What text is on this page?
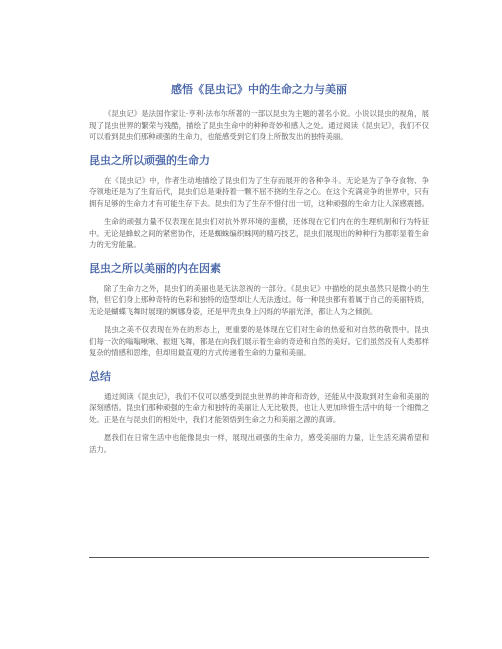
感悟《昆虫记》中的生命之力与美丽

《昆虫记》是法国作家让·亨利·法布尔所著的一部以昆虫为主题的著名小说。小说以昆虫的视角，展现了昆虫世界的繁荣与残酷，描绘了昆虫生命中的种种奇妙和感人之处。通过阅读《昆虫记》，我们不仅可以看到昆虫们那种顽强的生命力，也能感受到它们身上所散发出的独特美丽。

昆虫之所以顽强的生命力

在《昆虫记》中，作者生动地描绘了昆虫们为了生存而展开的各种争斗。无论是为了争夺食物、争夺领地还是为了生育后代，昆虫们总是秉持着一颗不屈不挠的生存之心。在这个充满竞争的世界中，只有拥有足够的生命力才有可能生存下去。昆虫们为了生存不惜付出一切，这种顽强的生命力让人深感震撼。

生命的顽强力量不仅表现在昆虫们对抗外界环境的蛮横，还体现在它们内在的生理机制和行为特征中。无论是蜂蚁之间的紧密协作，还是蜘蛛编织蛛网的精巧技艺，昆虫们展现出的种种行为都彰显着生命力的无穷能量。

昆虫之所以美丽的内在因素

除了生命力之外，昆虫们的美丽也是无法忽视的一部分。《昆虫记》中描绘的昆虫虽然只是微小的生物，但它们身上那种奇特的色彩和独特的造型却让人无法透过。每一种昆虫都有着属于自己的美丽特质，无论是蝴蝶飞舞时展现的婀娜身姿，还是甲壳虫身上闪烁的华丽光泽，都让人为之倾倒。

昆虫之美不仅表现在外在的形态上，更重要的是体现在它们对生命的热爱和对自然的敬畏中。昆虫们每一次的嗡嗡啾啾、振翅飞舞，都是在向我们展示着生命的奇迹和自然的美好。它们虽然没有人类那样复杂的情感和思维，但却用最直观的方式传递着生命的力量和美丽。

总结

通过阅读《昆虫记》，我们不仅可以感受到昆虫世界的神奇和奇妙，还能从中汲取到对生命和美丽的深刻感悟。昆虫们那种顽强的生命力和独特的美丽让人无比敬畏，也让人更加珍惜生活中的每一个细微之处。正是在与昆虫们的相处中，我们才能领悟到生命之力和美丽之源的真谛。

愿我们在日常生活中也能像昆虫一样，展现出顽强的生命力，感受美丽的力量，让生活充满希望和活力。
